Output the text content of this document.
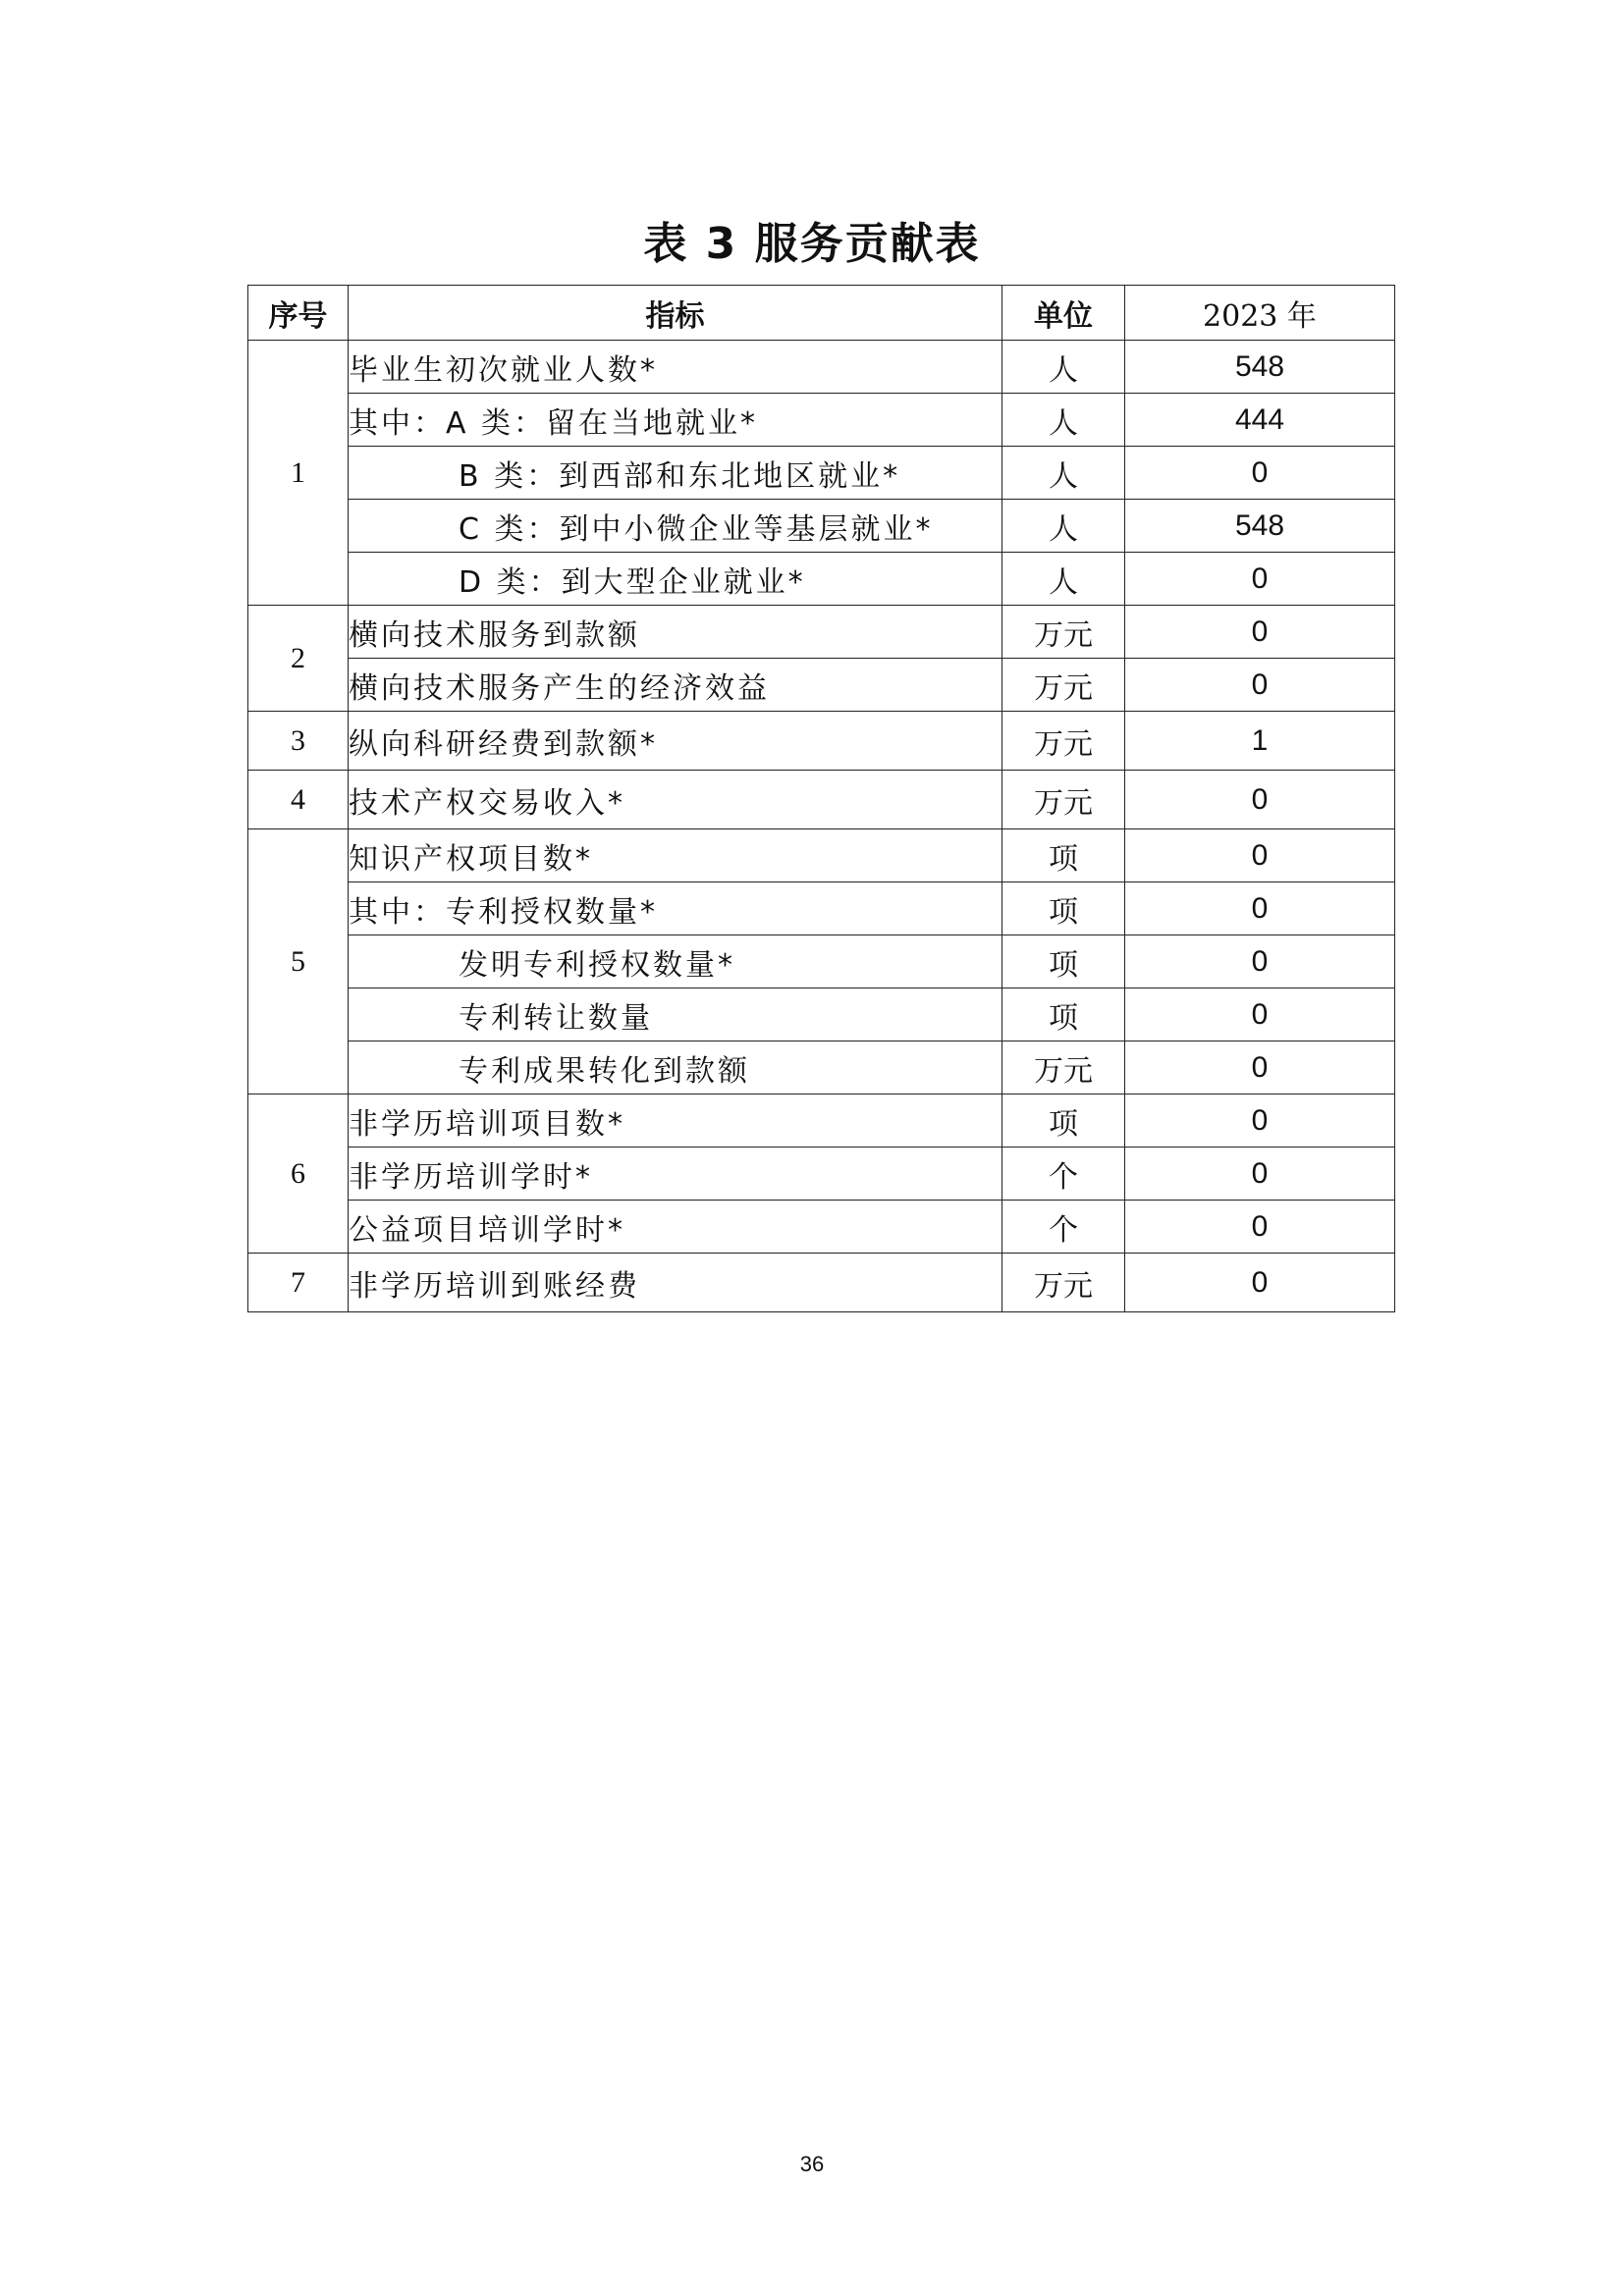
表 3 服务贡献表
序号	指标	单位	2023 年
1	毕业生初次就业人数*	人	548
	其中：A 类：留在当地就业*	人	444
	B 类：到西部和东北地区就业*	人	0
	C 类：到中小微企业等基层就业*	人	548
	D 类：到大型企业就业*	人	0
2	横向技术服务到款额	万元	0
	横向技术服务产生的经济效益	万元	0
3	纵向科研经费到款额*	万元	1
4	技术产权交易收入*	万元	0
5	知识产权项目数*	项	0
	其中：专利授权数量*	项	0
	发明专利授权数量*	项	0
	专利转让数量	项	0
	专利成果转化到款额	万元	0
6	非学历培训项目数*	项	0
	非学历培训学时*	个	0
	公益项目培训学时*	个	0
7	非学历培训到账经费	万元	0
36
